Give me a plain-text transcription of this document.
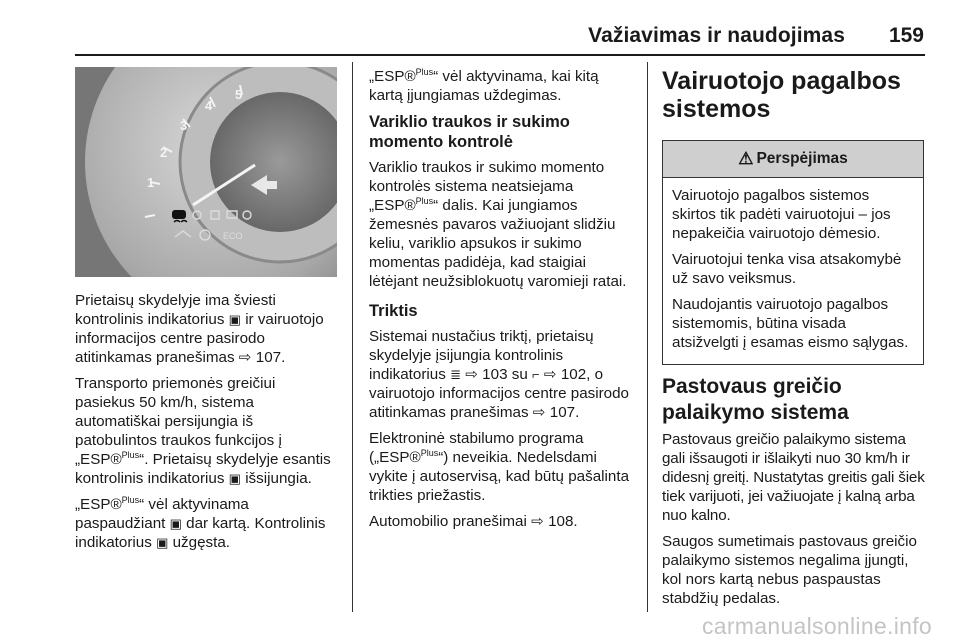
Važiavimas ir naudojimas 159
1
2
3
4
5
ECO

Prietaisų skydelyje ima šviesti kontrolinis indikatorius ▣ ir vairuotojo informacijos centre pasirodo atitinkamas pranešimas ⇨ 107.

Transporto priemonės greičiui pasiekus 50 km/h, sistema automatiškai persijungia iš patobulintos traukos funkcijos į „ESP®$^{Plus}$“. Prietaisų skydelyje esantis kontrolinis indikatorius ▣ išsijungia.

„ESP®$^{Plus}$“ vėl aktyvinama paspaudžiant ▣ dar kartą. Kontrolinis indikatorius ▣ užgęsta.

„ESP®$^{Plus}$“ vėl aktyvinama, kai kitą kartą įjungiamas uždegimas.

Variklio traukos ir sukimo momento kontrolė

Variklio traukos ir sukimo momento kontrolės sistema neatsiejama „ESP®$^{Plus}$“ dalis. Kai jungiamos žemesnės pavaros važiuojant slidžiu keliu, variklio apsukos ir sukimo momentas padidėja, kad staigiai lėtėjant neužsiblokuotų varomieji ratai.

Triktis

Sistemai nustačius triktį, prietaisų skydelyje įsijungia kontrolinis indikatorius ≣ ⇨ 103 su ⌐ ⇨ 102, o vairuotojo informacijos centre pasirodo atitinkamas pranešimas ⇨ 107.

Elektroninė stabilumo programa („ESP®$^{Plus}$“) neveikia. Nedelsdami vykite į autoservisą, kad būtų pašalinta trikties priežastis.

Automobilio pranešimai ⇨ 108.

Vairuotojo pagalbos sistemos
⚠ Perspėjimas

Vairuotojo pagalbos sistemos skirtos tik padėti vairuotojui – jos nepakeičia vairuotojo dėmesio.

Vairuotojui tenka visa atsakomybė už savo veiksmus.

Naudojantis vairuotojo pagalbos sistemomis, būtina visada atsižvelgti į esamas eismo sąlygas.

Pastovaus greičio palaikymo sistema

Pastovaus greičio palaikymo sistema gali išsaugoti ir išlaikyti nuo 30 km/h ir didesnį greitį. Nustatytas greitis gali šiek tiek varijuoti, jei važiuojate į kalną arba nuo kalno.

Saugos sumetimais pastovaus greičio palaikymo sistemos negalima įjungti, kol nors kartą nebus paspaustas stabdžių pedalas.

carmanualsonline.info
